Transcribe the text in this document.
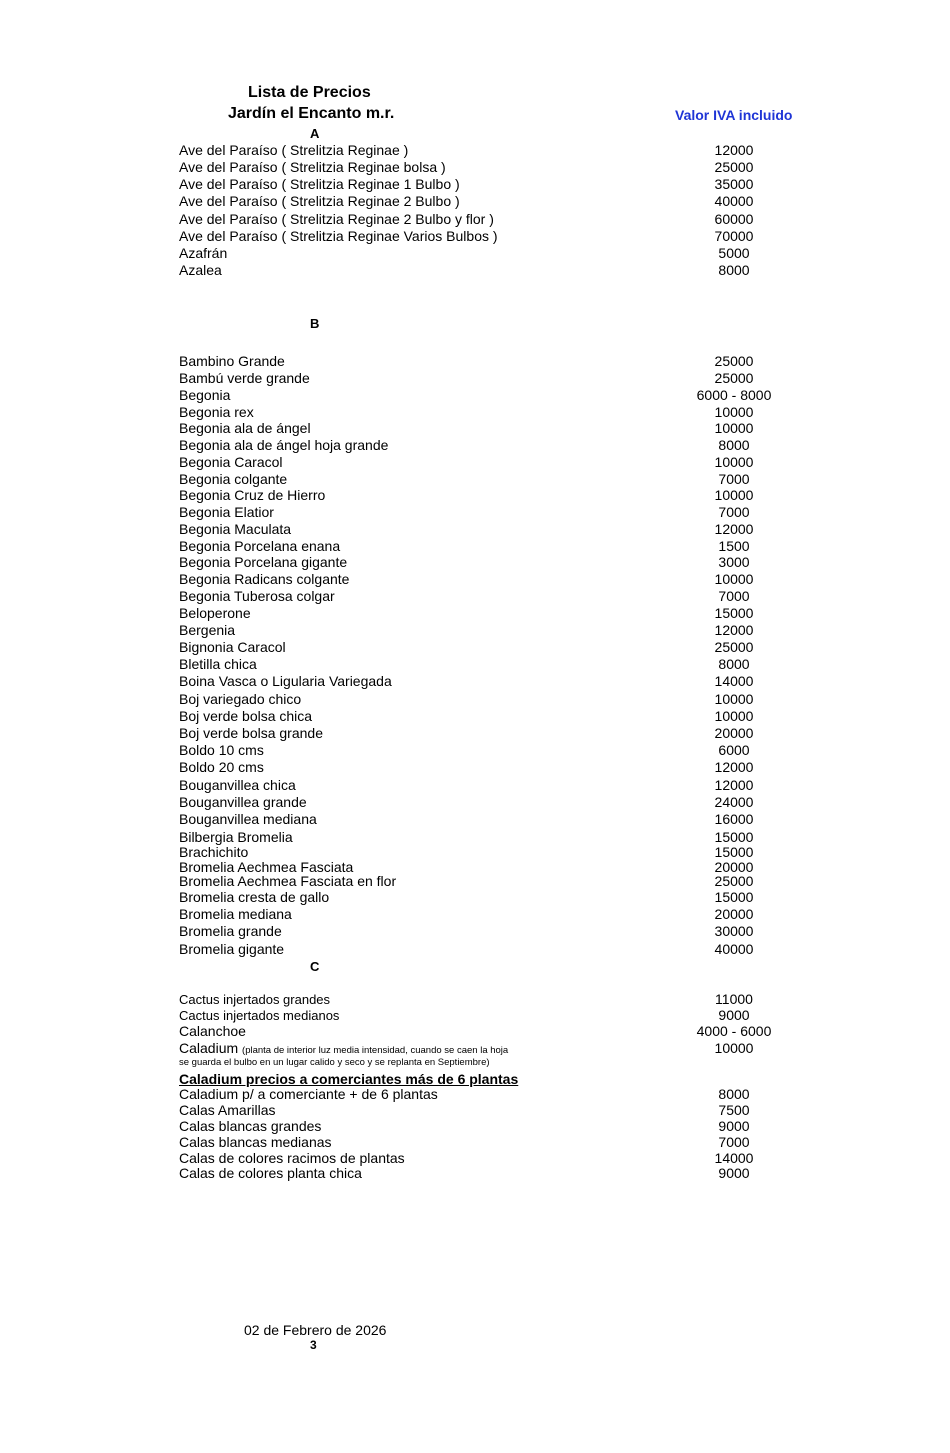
Lista de Precios
Jardín el Encanto m.r.	Valor IVA incluido
A
Ave del Paraíso ( Strelitzia Reginae )	12000
Ave del Paraíso ( Strelitzia Reginae bolsa )	25000
Ave del Paraíso ( Strelitzia Reginae 1 Bulbo )	35000
Ave del Paraíso ( Strelitzia Reginae 2 Bulbo )	40000
Ave del Paraíso ( Strelitzia Reginae 2 Bulbo y flor )	60000
Ave del Paraíso ( Strelitzia Reginae Varios Bulbos )	70000
Azafrán	5000
Azalea	8000
B
Bambino Grande	25000
Bambú verde grande	25000
Begonia	6000 - 8000
Begonia rex	10000
Begonia ala de ángel	10000
Begonia ala de ángel hoja grande	8000
Begonia Caracol	10000
Begonia colgante	7000
Begonia Cruz de Hierro	10000
Begonia Elatior	7000
Begonia Maculata	12000
Begonia Porcelana enana	1500
Begonia Porcelana gigante	3000
Begonia Radicans colgante	10000
Begonia Tuberosa colgar	7000
Beloperone	15000
Bergenia	12000
Bignonia Caracol	25000
Bletilla chica	8000
Boina Vasca o Ligularia Variegada	14000
Boj variegado chico	10000
Boj verde bolsa chica	10000
Boj verde bolsa grande	20000
Boldo 10 cms	6000
Boldo 20 cms	12000
Bouganvillea chica	12000
Bouganvillea grande	24000
Bouganvillea mediana	16000
Bilbergia Bromelia	15000
Brachichito	15000
Bromelia Aechmea Fasciata	20000
Bromelia Aechmea Fasciata en flor	25000
Bromelia cresta de gallo	15000
Bromelia mediana	20000
Bromelia grande	30000
Bromelia gigante	40000
C
Cactus injertados grandes	11000
Cactus injertados medianos	9000
Calanchoe	4000 - 6000
Caladium (planta de interior luz media intensidad, cuando se caen la hoja	10000
se guarda el bulbo en un lugar calido y seco y se replanta en Septiembre)
Caladium precios a comerciantes más de 6 plantas
Caladium p/ a comerciante + de 6 plantas	8000
Calas Amarillas	7500
Calas blancas grandes	9000
Calas blancas medianas	7000
Calas de colores racimos de plantas	14000
Calas de colores planta chica	9000
02 de Febrero de 2026
3
